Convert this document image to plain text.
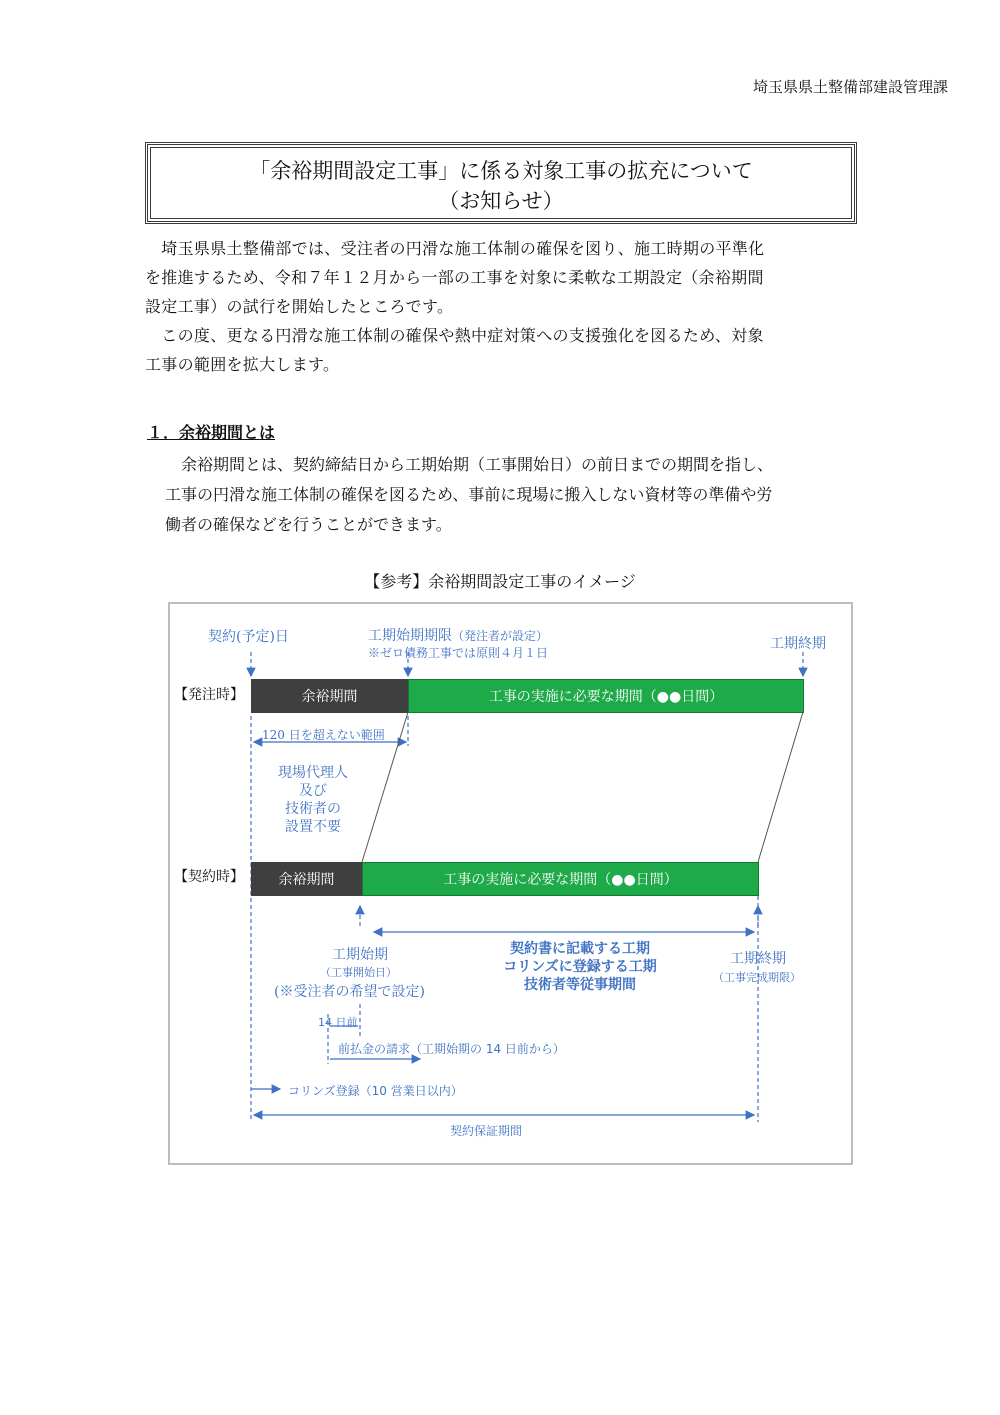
埼玉県県土整備部建設管理課
「余裕期間設定工事」に係る対象工事の拡充について
（お知らせ）
　埼玉県県土整備部では、受注者の円滑な施工体制の確保を図り、施工時期の平準化
を推進するため、令和７年１２月から一部の工事を対象に柔軟な工期設定（余裕期間
設定工事）の試行を開始したところです。
　この度、更なる円滑な施工体制の確保や熱中症対策への支援強化を図るため、対象
工事の範囲を拡大します。
１．余裕期間とは
　余裕期間とは、契約締結日から工期始期（工事開始日）の前日までの期間を指し、
工事の円滑な施工体制の確保を図るため、事前に現場に搬入しない資材等の準備や労
働者の確保などを行うことができます。
【参考】余裕期間設定工事のイメージ
契約(予定)日	工期始期期限（発注者が設定）
※ゼロ債務工事では原則４月１日
工期終期
【発注時】	余裕期間	工事の実施に必要な期間（●●日間）
120 日を超えない範囲
現場代理人
及び
技術者の
設置不要
【契約時】	余裕期間	工事の実施に必要な期間（●●日間）
工期始期
（工事開始日）
(※受注者の希望で設定)
契約書に記載する工期
コリンズに登録する工期
技術者等従事期間
工期終期
（工事完成期限）
14 日前
前払金の請求（工期始期の 14 日前から）
コリンズ登録（10 営業日以内）
契約保証期間
